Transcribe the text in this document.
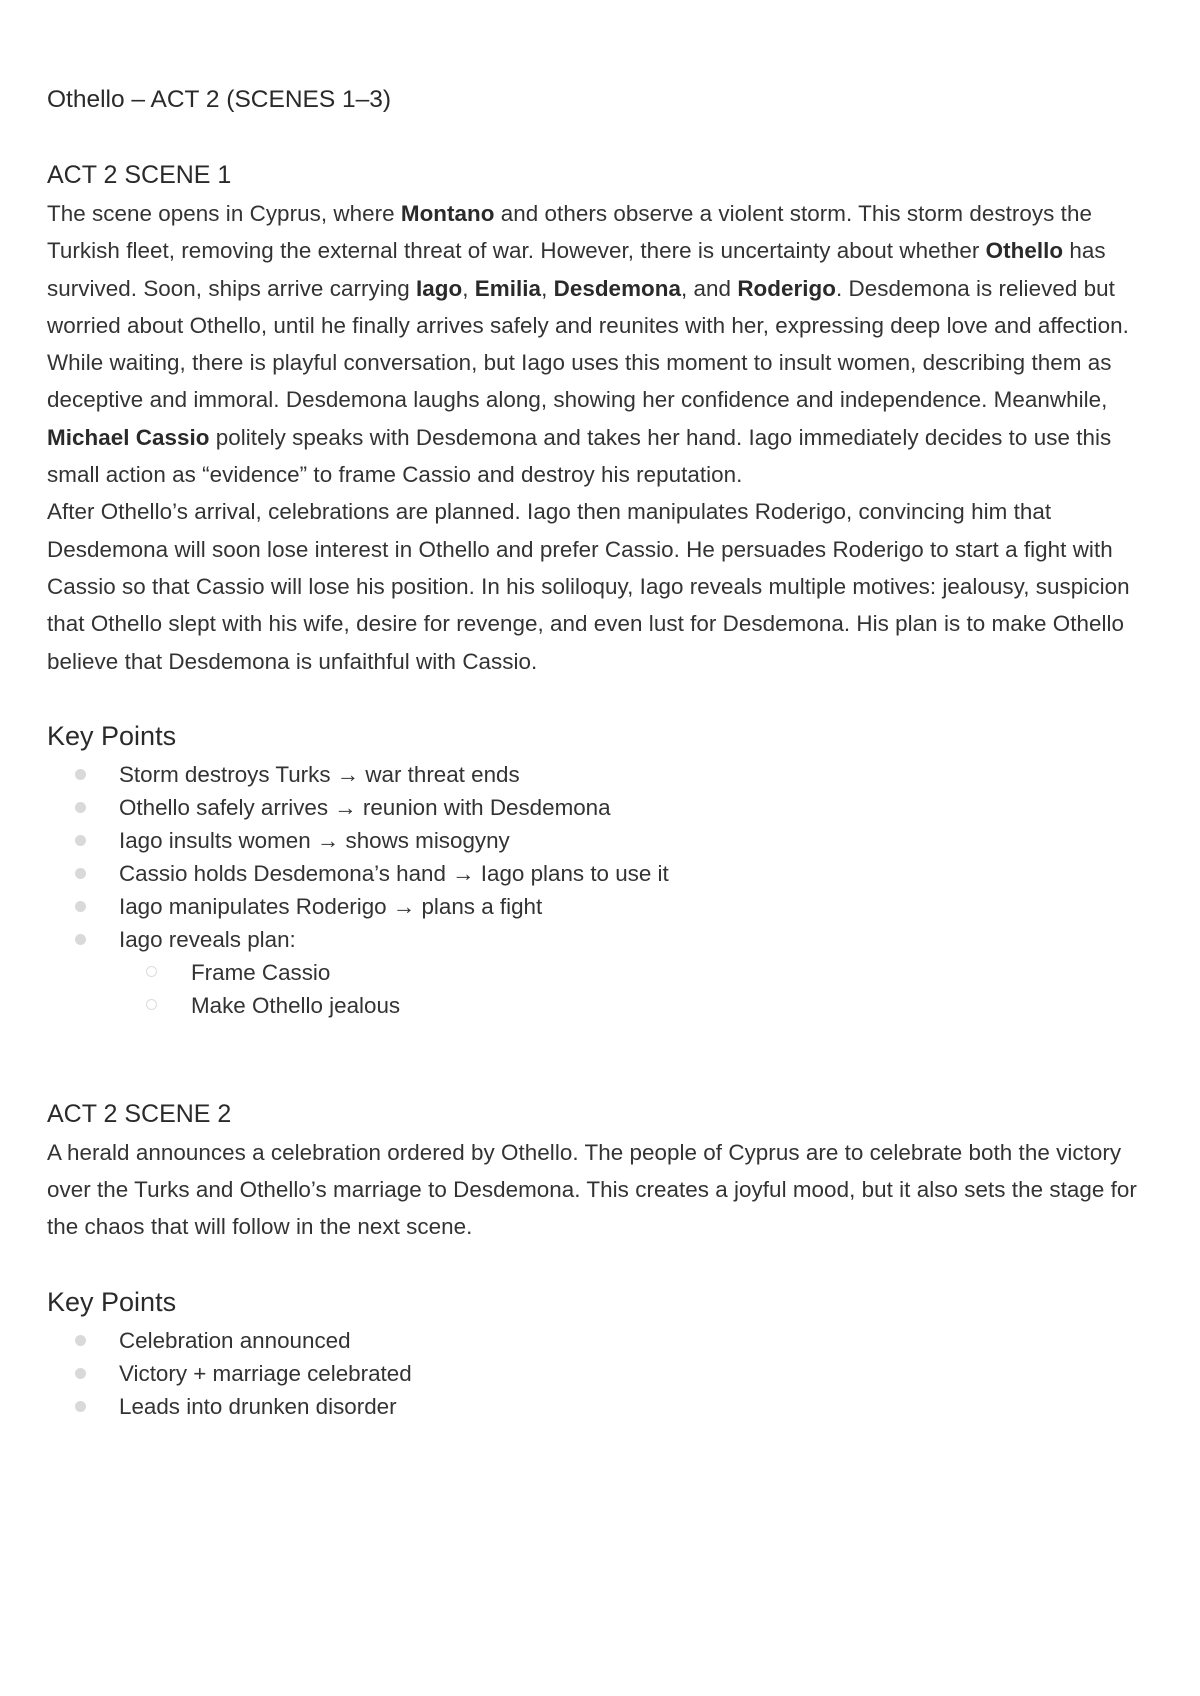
Othello – ACT 2 (SCENES 1–3)
ACT 2 SCENE 1

The scene opens in Cyprus, where Montano and others observe a violent storm. This storm destroys the Turkish fleet, removing the external threat of war. However, there is uncertainty about whether Othello has survived. Soon, ships arrive carrying Iago, Emilia, Desdemona, and Roderigo. Desdemona is relieved but worried about Othello, until he finally arrives safely and reunites with her, expressing deep love and affection.

While waiting, there is playful conversation, but Iago uses this moment to insult women, describing them as deceptive and immoral. Desdemona laughs along, showing her confidence and independence. Meanwhile, Michael Cassio politely speaks with Desdemona and takes her hand. Iago immediately decides to use this small action as “evidence” to frame Cassio and destroy his reputation.

After Othello’s arrival, celebrations are planned. Iago then manipulates Roderigo, convincing him that Desdemona will soon lose interest in Othello and prefer Cassio. He persuades Roderigo to start a fight with Cassio so that Cassio will lose his position. In his soliloquy, Iago reveals multiple motives: jealousy, suspicion that Othello slept with his wife, desire for revenge, and even lust for Desdemona. His plan is to make Othello believe that Desdemona is unfaithful with Cassio.

Key Points
Storm destroys Turks → war threat ends
Othello safely arrives → reunion with Desdemona
Iago insults women → shows misogyny
Cassio holds Desdemona’s hand → Iago plans to use it
Iago manipulates Roderigo → plans a fight
Iago reveals plan:
Frame Cassio
Make Othello jealous
ACT 2 SCENE 2

A herald announces a celebration ordered by Othello. The people of Cyprus are to celebrate both the victory over the Turks and Othello’s marriage to Desdemona. This creates a joyful mood, but it also sets the stage for the chaos that will follow in the next scene.

Key Points
Celebration announced
Victory + marriage celebrated
Leads into drunken disorder
